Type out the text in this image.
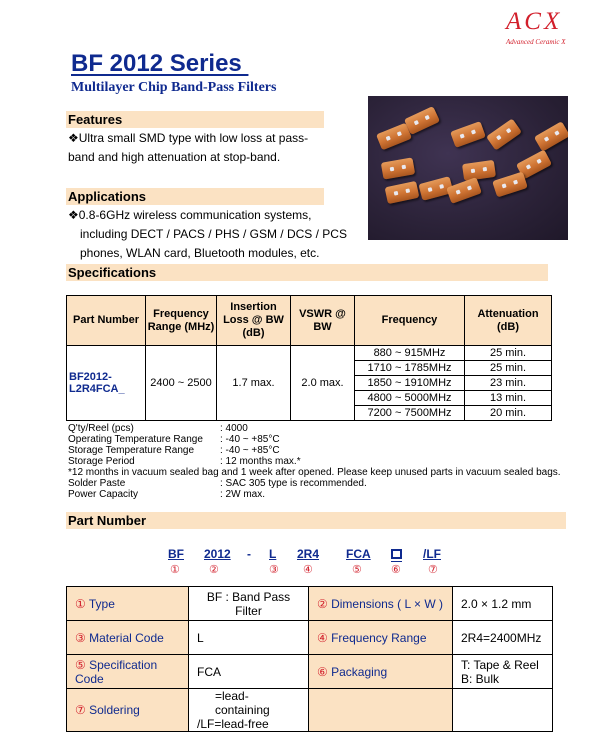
ACX
Advanced Ceramic X
BF 2012 Series
Multilayer Chip Band-Pass Filters
Features
❖Ultra small SMD type with low loss at pass-
band and high attenuation at stop-band.
Applications
❖0.8-6GHz wireless communication systems,
including DECT / PACS / PHS / GSM / DCS / PCS
phones, WLAN card, Bluetooth modules, etc.
Specifications
Part Number	Frequency Range (MHz)	Insertion Loss @ BW (dB)	VSWR @ BW	Frequency	Attenuation (dB)
BF2012-L2R4FCA_	2400 ~ 2500	1.7 max.	2.0 max.	880 ~ 915MHz	25 min.
				1710 ~ 1785MHz	25 min.
				1850 ~ 1910MHz	23 min.
				4800 ~ 5000MHz	13 min.
				7200 ~ 7500MHz	20 min.
Q'ty/Reel (pcs)	: 4000
Operating Temperature Range : -40 ~ +85°C
Storage Temperature Range	: -40 ~ +85°C
Storage Period	: 12 months max.*
*12 months in vacuum sealed bag and 1 week after opened. Please keep unused parts in vacuum sealed bags.
Solder Paste	: SAC 305 type is recommended.
Power Capacity	: 2W max.
Part Number
BF 2012 - L 2R4 FCA	/LF
①	②	③ ④	⑤	⑥ ⑦
① Type	BF : Band Pass Filter	② Dimensions ( L × W )	2.0 × 1.2 mm
③ Material Code	L	④ Frequency Range	2R4=2400MHz
⑤ Specification Code	FCA	⑥ Packaging	T: Tape & Reel
B: Bulk

⑦ Soldering	=lead-containing
/LF=lead-free		
